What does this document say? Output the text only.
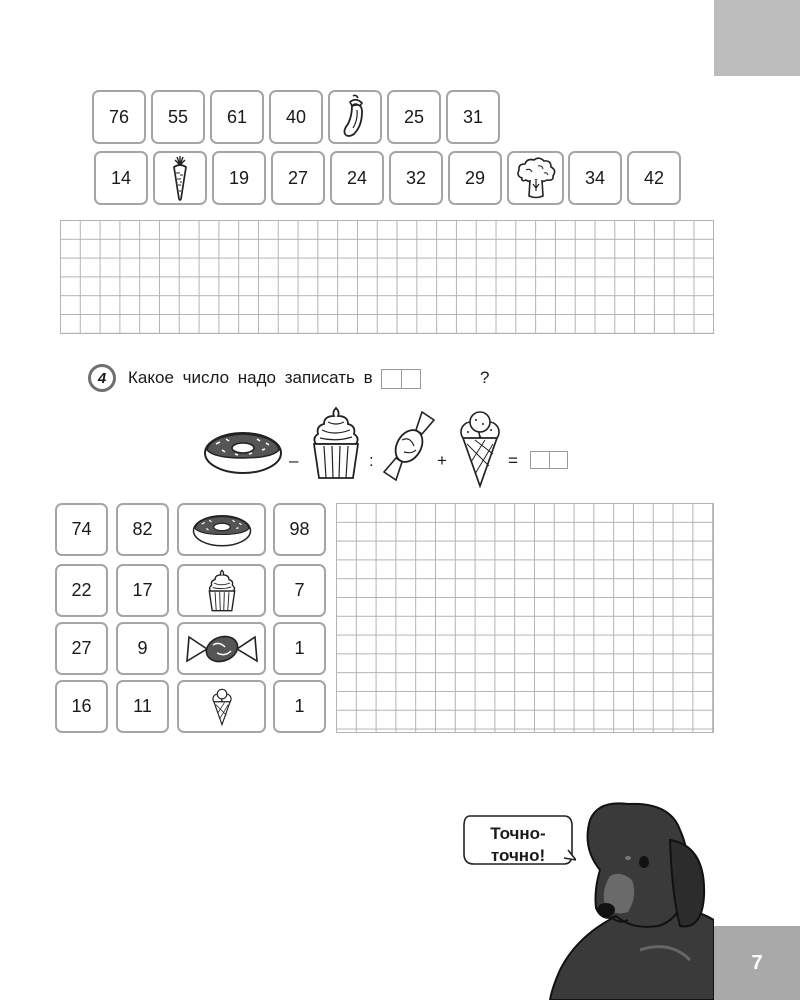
7
76	55	61	40	25	31
14	19	27	24	32	29	34	42
4	Какое число надо записать в	?
–	:	+	=
74	82	98
22	17	7
27	9	1
16	11	1
Точно-
точно!
